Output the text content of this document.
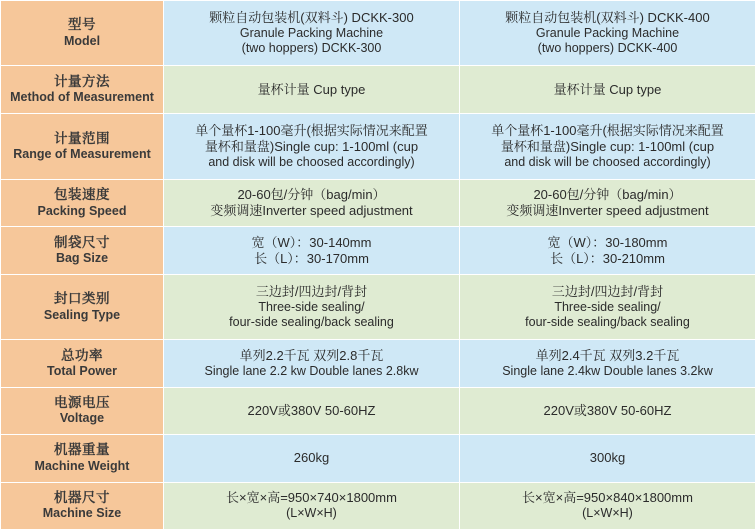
型号
Model	颗粒自动包装机(双料斗) DCKK-300
Granule Packing Machine
(two hoppers) DCKK-300	颗粒自动包装机(双料斗) DCKK-400
Granule Packing Machine
(two hoppers) DCKK-400

计量方法
Method of Measurement	量杯计量 Cup type	量杯计量 Cup type

计量范围
Range of Measurement	单个量杯1-100毫升(根据实际情况来配置
量杯和量盘)Single cup: 1-100ml (cup
and disk will be choosed accordingly)	单个量杯1-100毫升(根据实际情况来配置
量杯和量盘)Single cup: 1-100ml (cup
and disk will be choosed accordingly)

包装速度
Packing Speed	20-60包/分钟（bag/min）
变频调速Inverter speed adjustment	20-60包/分钟（bag/min）
变频调速Inverter speed adjustment

制袋尺寸
Bag Size	宽（W）：30-140mm
长（L）：30-170mm	宽（W）：30-180mm
长（L）：30-210mm

封口类别
Sealing Type	三边封/四边封/背封
Three-side sealing/
four-side sealing/back sealing	三边封/四边封/背封
Three-side sealing/
four-side sealing/back sealing

总功率
Total Power	单列2.2千瓦 双列2.8千瓦
Single lane 2.2 kw Double lanes 2.8kw	单列2.4千瓦 双列3.2千瓦
Single lane 2.4kw Double lanes 3.2kw

电源电压
Voltage	220V或380V 50-60HZ	220V或380V 50-60HZ

机器重量
Machine Weight	260kg	300kg

机器尺寸
Machine Size	长×宽×高=950×740×1800mm
(L×W×H)	长×宽×高=950×840×1800mm
(L×W×H)
